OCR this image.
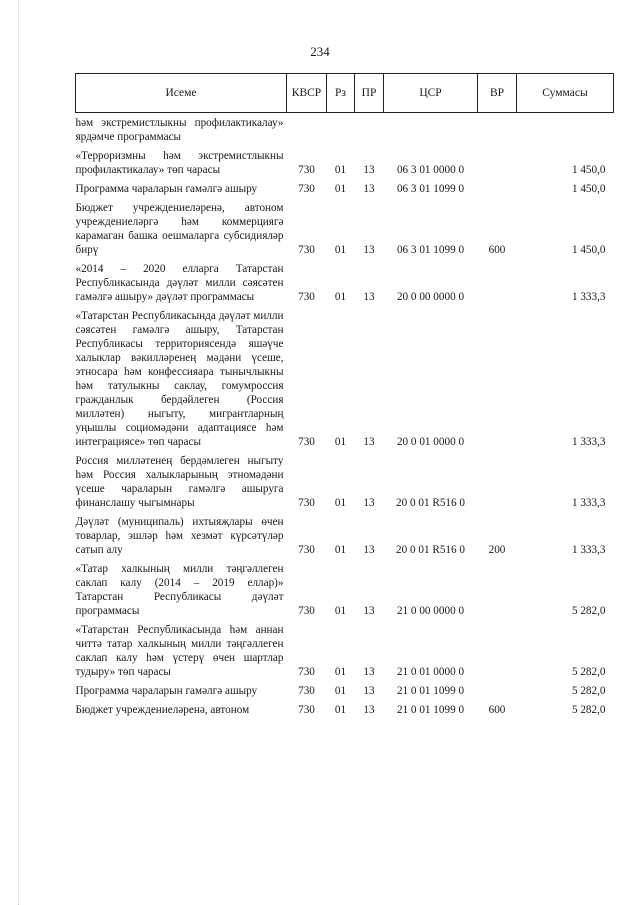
234
Исеме	КВСР	Рз	ПР	ЦСР	ВР	Суммасы
һәм экстремистлыкны профилактикалау» ярдәмче программасы						
«Терроризмны һәм экстремистлыкны профилактикалау» төп чарасы	730	01	13	06 3 01 0000 0		1 450,0
Программа чараларын гамәлгә ашыру	730	01	13	06 3 01 1099 0		1 450,0
Бюджет учреждениеләренә, автоном учреждениеләргә һәм коммерциягә карамаган башка оешмаларга субсидияләр бирү	730	01	13	06 3 01 1099 0	600	1 450,0
«2014 – 2020 елларга Татарстан Республикасында дәүләт милли сәясәтен гамәлгә ашыру» дәүләт программасы	730	01	13	20 0 00 0000 0		1 333,3
«Татарстан Республикасында дәүләт милли сәясәтен гамәлгә ашыру, Татарстан Республикасы территориясендә яшәүче халыклар вәкилләренең мәдәни үсеше, этносара һәм конфессияара тынычлыкны һәм татулыкны саклау, гомумроссия гражданлык бердәйлеген (Россия милләтен) ныгыту, мигрантларның уңышлы социомәдәни адаптациясе һәм интеграциясе» төп чарасы	730	01	13	20 0 01 0000 0		1 333,3
Россия милләтенең бердәмлеген ныгыту һәм Россия халыкларының этномәдәни үсеше чараларын гамәлгә ашыруга финанслашу чыгымнары	730	01	13	20 0 01 R516 0		1 333,3
Дәүләт (муниципаль) ихтыяҗлары өчен товарлар, эшләр һәм хезмәт күрсәтүләр сатып алу	730	01	13	20 0 01 R516 0	200	1 333,3
«Татар халкының милли тәңгәллеген саклап калу (2014 – 2019 еллар)» Татарстан Республикасы дәүләт программасы	730	01	13	21 0 00 0000 0		5 282,0
«Татарстан Республикасында һәм аннан читтә татар халкының милли тәңгәллеген саклап калу һәм үстерү өчен шартлар тудыру» төп чарасы	730	01	13	21 0 01 0000 0		5 282,0
Программа чараларын гамәлгә ашыру	730	01	13	21 0 01 1099 0		5 282,0
Бюджет учреждениеләренә, автоном	730	01	13	21 0 01 1099 0	600	5 282,0
